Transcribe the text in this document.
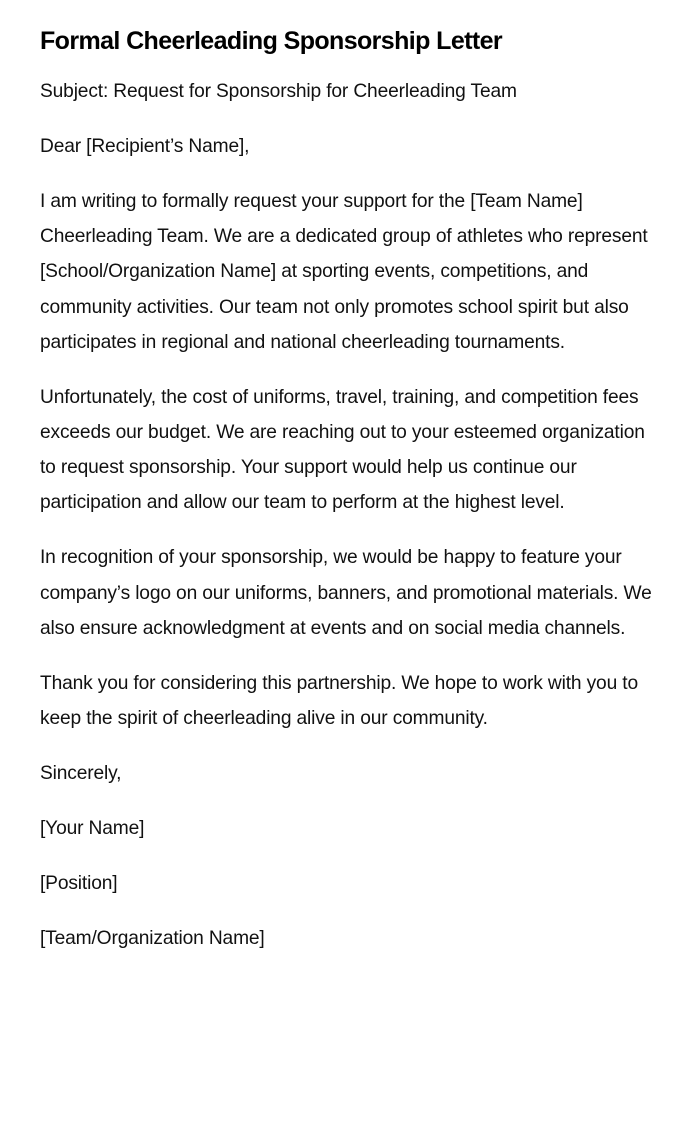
Formal Cheerleading Sponsorship Letter

Subject: Request for Sponsorship for Cheerleading Team

Dear [Recipient’s Name],

I am writing to formally request your support for the [Team Name] Cheerleading Team. We are a dedicated group of athletes who represent [School/Organization Name] at sporting events, competitions, and community activities. Our team not only promotes school spirit but also participates in regional and national cheerleading tournaments.

Unfortunately, the cost of uniforms, travel, training, and competition fees exceeds our budget. We are reaching out to your esteemed organization to request sponsorship. Your support would help us continue our participation and allow our team to perform at the highest level.

In recognition of your sponsorship, we would be happy to feature your company’s logo on our uniforms, banners, and promotional materials. We also ensure acknowledgment at events and on social media channels.

Thank you for considering this partnership. We hope to work with you to keep the spirit of cheerleading alive in our community.

Sincerely,

[Your Name]

[Position]

[Team/Organization Name]
